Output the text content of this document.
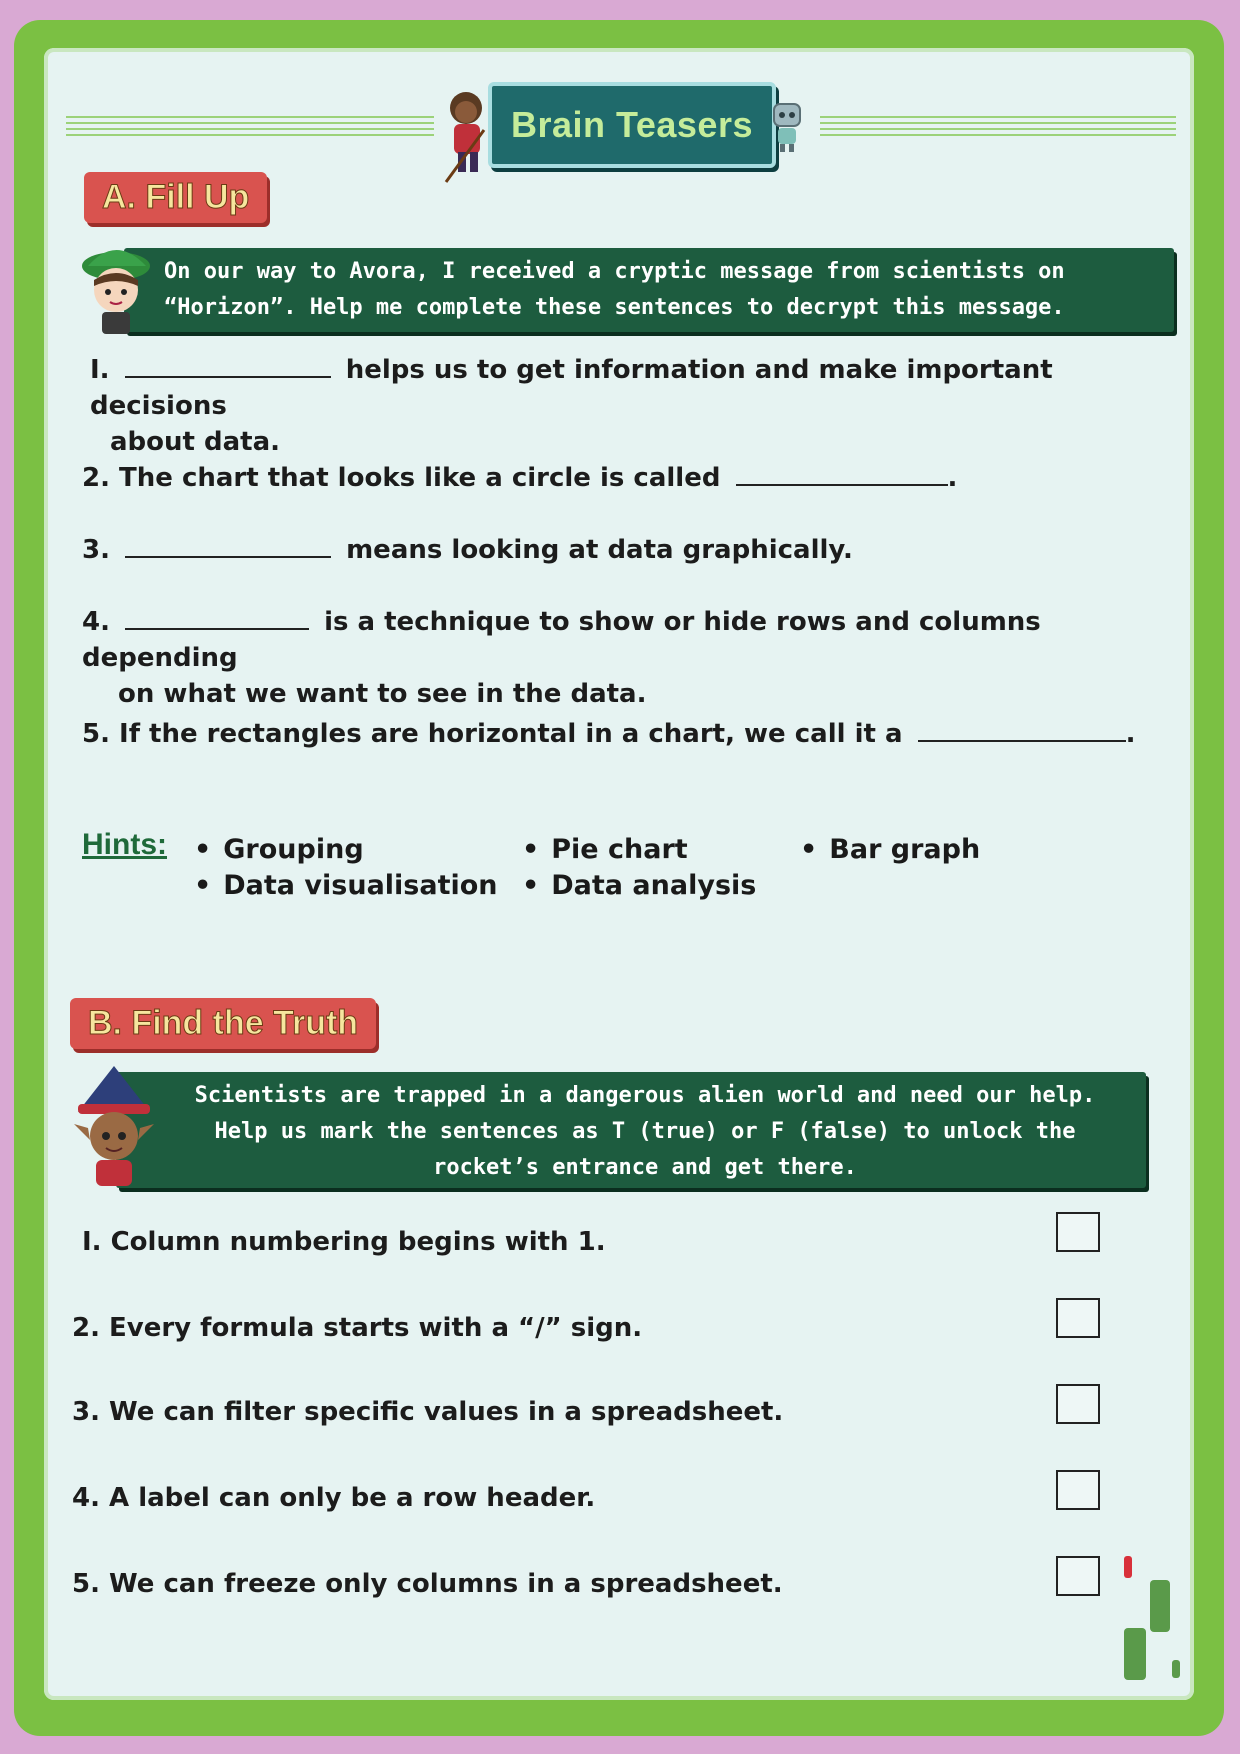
Brain Teasers
A. Fill Up
On our way to Avora, I received a cryptic message from scientists on
“Horizon”. Help me complete these sentences to decrypt this message.
I.	helps us to get information and make important decisions
about data.
2. The chart that looks like a circle is called	.
3.	means looking at data graphically.
4.	is a technique to show or hide rows and columns depending
on what we want to see in the data.
5. If the rectangles are horizontal in a chart, we call it a	.
Hints:	• Grouping	• Pie chart	• Bar graph
• Data visualisation	• Data analysis
B. Find the Truth
Scientists are trapped in a dangerous alien world and need our help.
Help us mark the sentences as T (true) or F (false) to unlock the
rocket’s entrance and get there.
I. Column numbering begins with 1.
2. Every formula starts with a “/” sign.
3. We can filter specific values in a spreadsheet.
4. A label can only be a row header.
5. We can freeze only columns in a spreadsheet.
